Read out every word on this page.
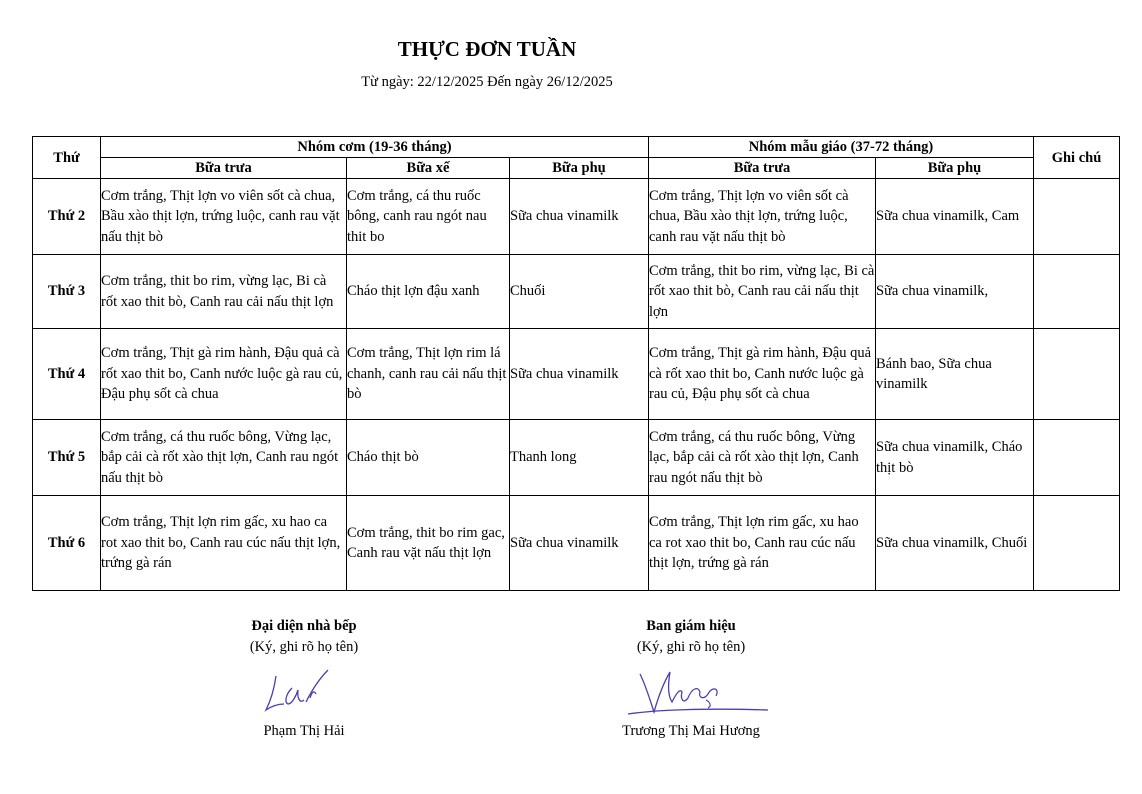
THỰC ĐƠN TUẦN
Từ ngày: 22/12/2025 Đến ngày 26/12/2025
Thứ	Nhóm cơm (19-36 tháng)			Nhóm mẫu giáo (37-72 tháng)		Ghi chú
	Bữa trưa	Bữa xế	Bữa phụ	Bữa trưa	Bữa phụ	
Thứ 2	Cơm trắng, Thịt lợn vo viên sốt cà chua, Bầu xào thịt lợn, trứng luộc, canh rau vặt nấu thịt bò	Cơm trắng, cá thu ruốc bông, canh rau ngót nau thit bo	Sữa chua vinamilk	Cơm trắng, Thịt lợn vo viên sốt cà chua, Bầu xào thịt lợn, trứng luộc, canh rau vặt nấu thịt bò	Sữa chua vinamilk, Cam	
Thứ 3	Cơm trắng, thit bo rim, vừng lạc, Bi cà rốt xao thit bò, Canh rau cải nấu thịt lợn	Cháo thịt lợn đậu xanh	Chuối	Cơm trắng, thit bo rim, vừng lạc, Bi cà rốt xao thit bò, Canh rau cải nấu thịt lợn	Sữa chua vinamilk,	
Thứ 4	Cơm trắng, Thịt gà rim hành, Đậu quả cà rốt xao thit bo, Canh nước luộc gà rau củ, Đậu phụ sốt cà chua	Cơm trắng, Thịt lợn rim lá chanh, canh rau cải nấu thịt bò	Sữa chua vinamilk	Cơm trắng, Thịt gà rim hành, Đậu quả cà rốt xao thit bo, Canh nước luộc gà rau củ, Đậu phụ sốt cà chua	Bánh bao, Sữa chua vinamilk	
Thứ 5	Cơm trắng, cá thu ruốc bông, Vừng lạc, bắp cải cà rốt xào thịt lợn, Canh rau ngót nấu thịt bò	Cháo thịt bò	Thanh long	Cơm trắng, cá thu ruốc bông, Vừng lạc, bắp cải cà rốt xào thịt lợn, Canh rau ngót nấu thịt bò	Sữa chua vinamilk, Cháo thịt bò	
Thứ 6	Cơm trắng, Thịt lợn rim gấc, xu hao ca rot xao thit bo, Canh rau cúc nấu thịt lợn, trứng gà rán	Cơm trắng, thit bo rim gac, Canh rau vặt nấu thịt lợn	Sữa chua vinamilk	Cơm trắng, Thịt lợn rim gấc, xu hao ca rot xao thit bo, Canh rau cúc nấu thịt lợn, trứng gà rán	Sữa chua vinamilk, Chuối	
Đại diện nhà bếp
(Ký, ghi rõ họ tên)
Phạm Thị Hải
Ban giám hiệu
(Ký, ghi rõ họ tên)
Trương Thị Mai Hương
